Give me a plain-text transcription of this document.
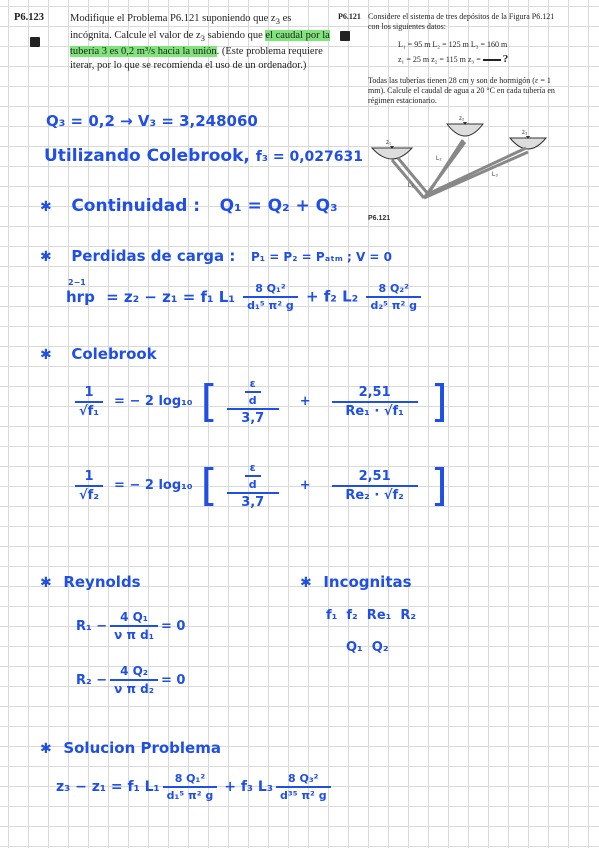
P6.123 Modifique el Problema P6.121 suponiendo que $z_3$ es incógnita. Calcule el valor de $z_3$ sabiendo que el caudal por la tubería 3 es 0,2 m³/s hacia la unión. (Este problema requiere iterar, por lo que se recomienda el uso de un ordenador.)
P6.121 Considere el sistema de tres depósitos de la Figura P6.121 con los siguientes datos:
L₁ = 95 m L₂ = 125 m L₃ = 160 m
z₁ = 25 m z₂ = 115 m z₃ = ?
Todas las tuberías tienen 28 cm y son de hormigón (ε = 1 mm). Calcule el caudal de agua a 20 °C en cada tubería en régimen estacionario.
z₁
z₂
z₃
L₁
L₂
L₃
P6.121
Q₃ = 0,2 → V₃ = 3,248060
Utilizando Colebrook, f₃ = 0,027631
✱ Continuidad : Q₁ = Q₂ + Q₃
✱ Perdidas de carga : P₁ = P₂ = Pₐₜₘ ; V = 0
2−1
hrp = z₂ − z₁ = f₁ $L_1 \frac{\text{8 Q₁²}}{\text{d₁⁵ π² g}} + f_2$ $L_2 \frac{\text{8 Q₂²}}{\text{d₂⁵ π² g}}$
✱ Colebrook
$\frac{1}{\text{√f₁}}$ = − 2 log₁₀ [ $\frac{\frac{\varepsilon}{d}}{3,7} + \frac{2,51}{\text{Re₁ · √f₁}}$ ]
$\frac{1}{\text{√f₂}}$ = − 2 log₁₀ [ $\frac{\frac{\varepsilon}{d}}{3,7} + \frac{2,51}{\text{Re₂ · √f₂}}$ ]
✱ Reynolds
$R_1 - \frac{\text{4 Q₁}}{\text{ν π d₁}} = 0$
$R_2 - \frac{\text{4 Q₂}}{\text{ν π d₂}} = 0$
✱ Incognitas
f₁  f₂  Re₁  R₂
Q₁  Q₂
✱ Solucion Problema
z₃ − z₁ = f₁ $L_1 \frac{\text{8 Q₁²}}{\text{d₁⁵ π² g}} + f_3$ $L_3 \frac{\text{8 Q₃²}}{\text{d³⁵ π² g}}$
